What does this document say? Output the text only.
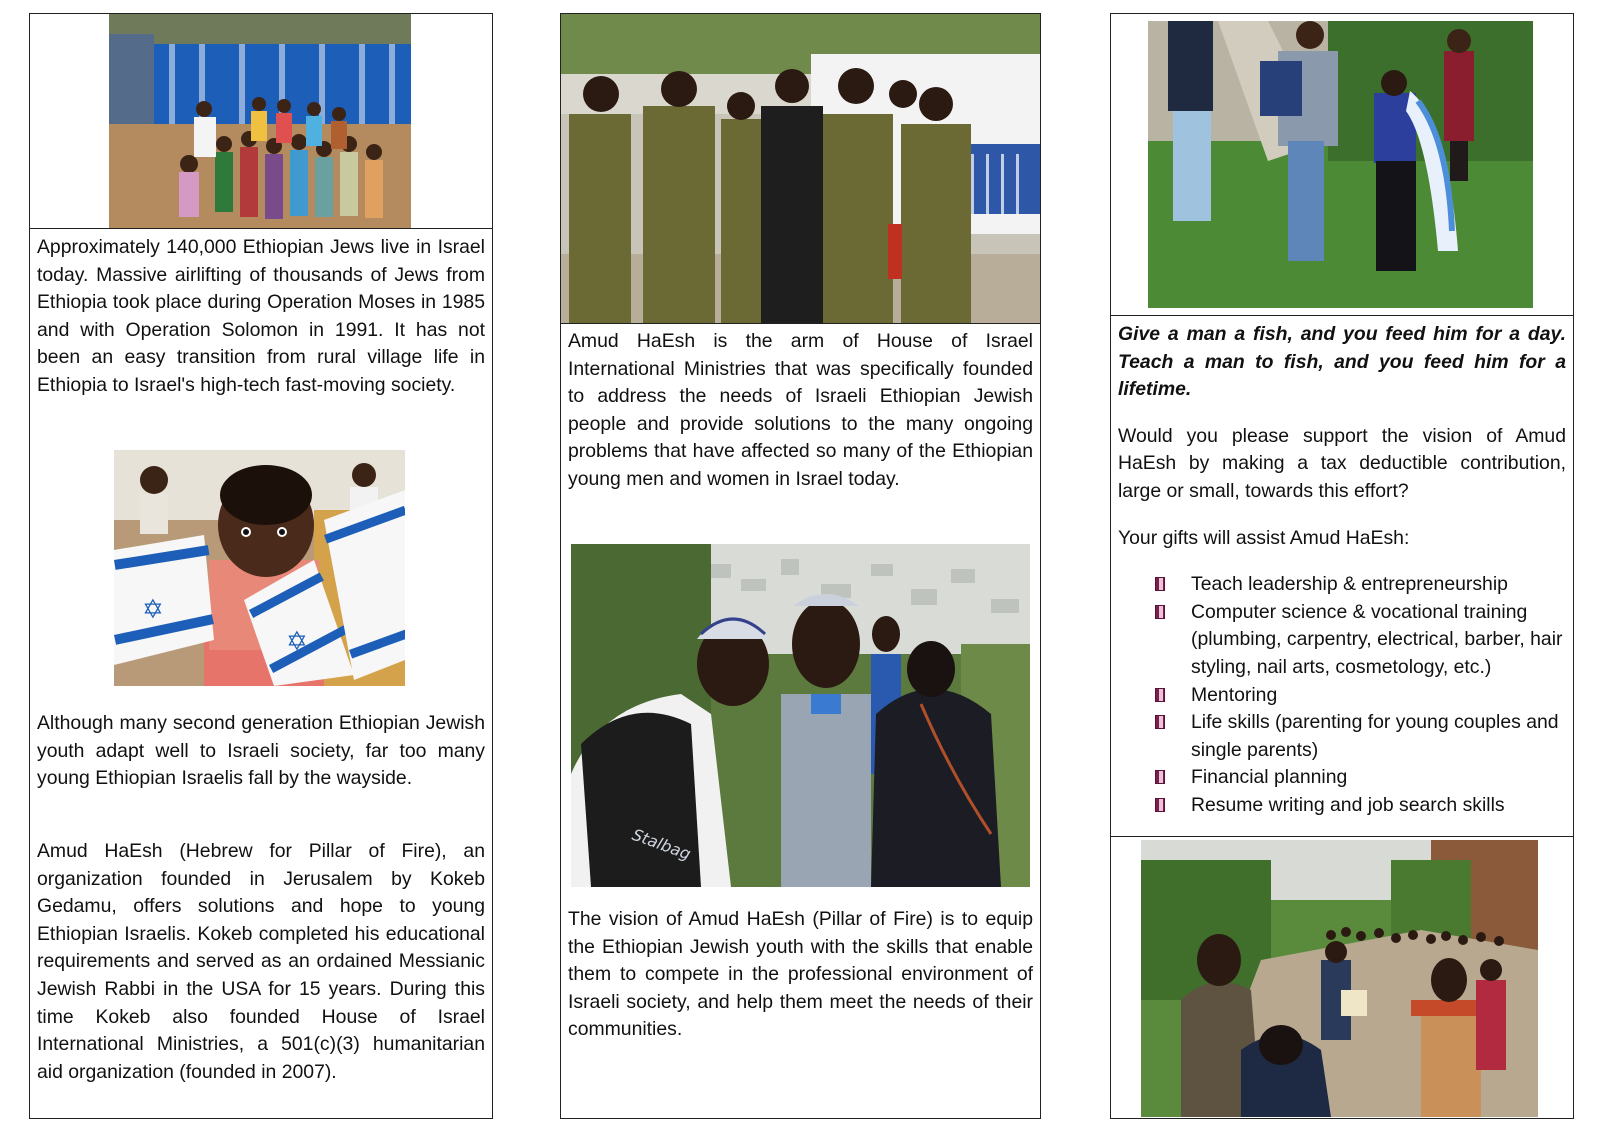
Approximately 140,000 Ethiopian Jews live in Israel today. Massive airlifting of thousands of Jews from Ethiopia took place during Operation Moses in 1985 and with Operation Solomon in 1991. It has not been an easy transition from rural village life in Ethiopia to Israel's high-tech fast-moving society.

✡
✡

Although many second generation Ethiopian Jewish youth adapt well to Israeli society, far too many young Ethiopian Israelis fall by the wayside.

Amud HaEsh (Hebrew for Pillar of Fire), an organization founded in Jerusalem by Kokeb Gedamu, offers solutions and hope to young Ethiopian Israelis. Kokeb completed his educational requirements and served as an ordained Messianic Jewish Rabbi in the USA for 15 years. During this time Kokeb also founded House of Israel International Ministries, a 501(c)(3) humanitarian aid organization (founded in 2007).

Amud HaEsh is the arm of House of Israel International Ministries that was specifically founded to address the needs of Israeli Ethiopian Jewish people and provide solutions to the many ongoing problems that have affected so many of the Ethiopian young men and women in Israel today.

Stalbag

The vision of Amud HaEsh (Pillar of Fire) is to equip the Ethiopian Jewish youth with the skills that enable them to compete in the professional environment of Israeli society, and help them meet the needs of their communities.

Give a man a fish, and you feed him for a day. Teach a man to fish, and you feed him for a lifetime.

Would you please support the vision of Amud HaEsh by making a tax deductible contribution, large or small, towards this effort?

Your gifts will assist Amud HaEsh:

Teach leadership & entrepreneurship
Computer science & vocational training (plumbing, carpentry, electrical, barber, hair styling, nail arts, cosmetology, etc.)
Mentoring
Life skills (parenting for young couples and single parents)
Financial planning
Resume writing and job search skills
